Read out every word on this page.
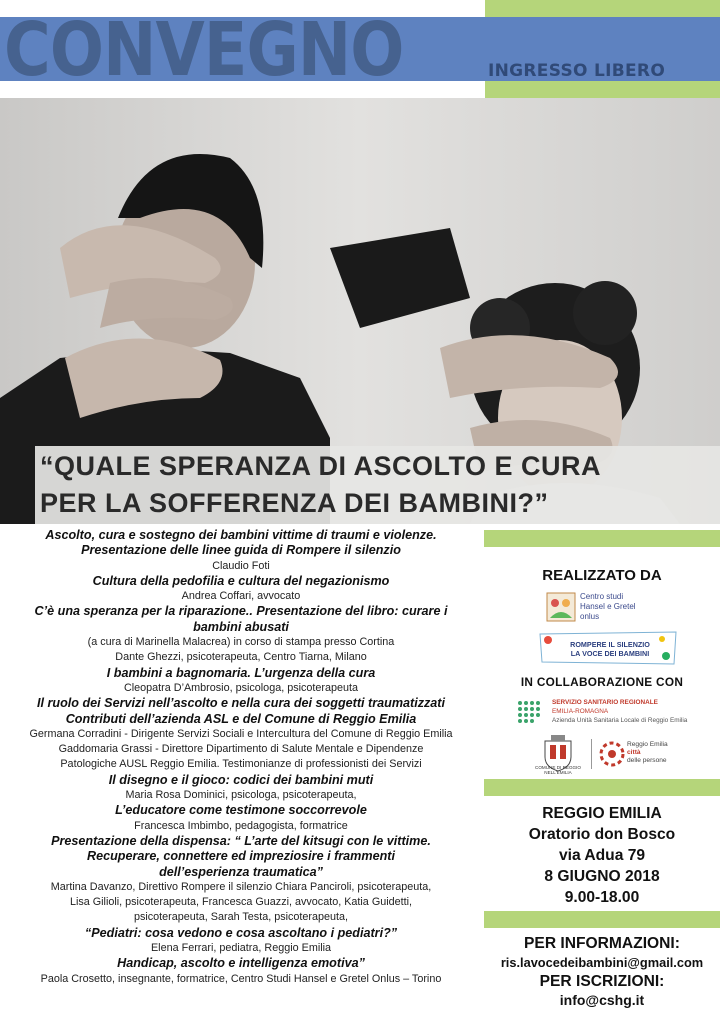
CONVEGNO	INGRESSO LIBERO
“QUALE SPERANZA DI ASCOLTO E CURA
PER LA SOFFERENZA DEI BAMBINI?”
Ascolto, cura e sostegno dei bambini vittime di traumi e violenze.
Presentazione delle linee guida di Rompere il silenzio
Claudio Foti
Cultura della pedofilia e cultura del negazionismo
Andrea Coffari, avvocato
C’è una speranza per la riparazione.. Presentazione del libro: curare i
bambini abusati
(a cura di Marinella Malacrea) in corso di stampa presso Cortina
Dante Ghezzi, psicoterapeuta, Centro Tiarna, Milano
I bambini a bagnomaria. L’urgenza della cura
Cleopatra D’Ambrosio, psicologa, psicoterapeuta
Il ruolo dei Servizi nell’ascolto e nella cura dei soggetti traumatizzati
Contributi dell’azienda ASL e del Comune di Reggio Emilia
Germana Corradini - Dirigente Servizi Sociali e Intercultura del Comune di Reggio Emilia
Gaddomaria Grassi - Direttore Dipartimento di Salute Mentale e Dipendenze
Patologiche AUSL Reggio Emilia. Testimonianze di professionisti dei Servizi
Il disegno e il gioco: codici dei bambini muti
Maria Rosa Dominici, psicologa, psicoterapeuta,
L’educatore come testimone soccorrevole
Francesca Imbimbo, pedagogista, formatrice
Presentazione della dispensa: “ L’arte del kitsugi con le vittime.
Recuperare, connettere ed impreziosire i frammenti
dell’esperienza traumatica”
Martina Davanzo, Direttivo Rompere il silenzio Chiara Panciroli, psicoterapeuta,
Lisa Gilioli, psicoterapeuta, Francesca Guazzi, avvocato, Katia Guidetti,
psicoterapeuta, Sarah Testa, psicoterapeuta,
“Pediatri: cosa vedono e cosa ascoltano i pediatri?”
Elena Ferrari, pediatra, Reggio Emilia
Handicap, ascolto e intelligenza emotiva”
Paola Crosetto, insegnante, formatrice, Centro Studi Hansel e Gretel Onlus – Torino
REALIZZATO DA
Centro studi
Hansel e Gretel
onlus
ROMPERE IL SILENZIO
LA VOCE DEI BAMBINI
IN COLLABORAZIONE CON
SERVIZIO SANITARIO REGIONALE
EMILIA-ROMAGNA
Azienda Unità Sanitaria Locale di Reggio Emilia
COMUNE DI REGGIO NELL'EMILIA
Reggio Emilia
città
delle persone
REGGIO EMILIA
Oratorio don Bosco
via Adua 79
8 GIUGNO 2018
9.00-18.00
PER INFORMAZIONI:
ris.lavocedeibambini@gmail.com
PER ISCRIZIONI:
info@cshg.it
